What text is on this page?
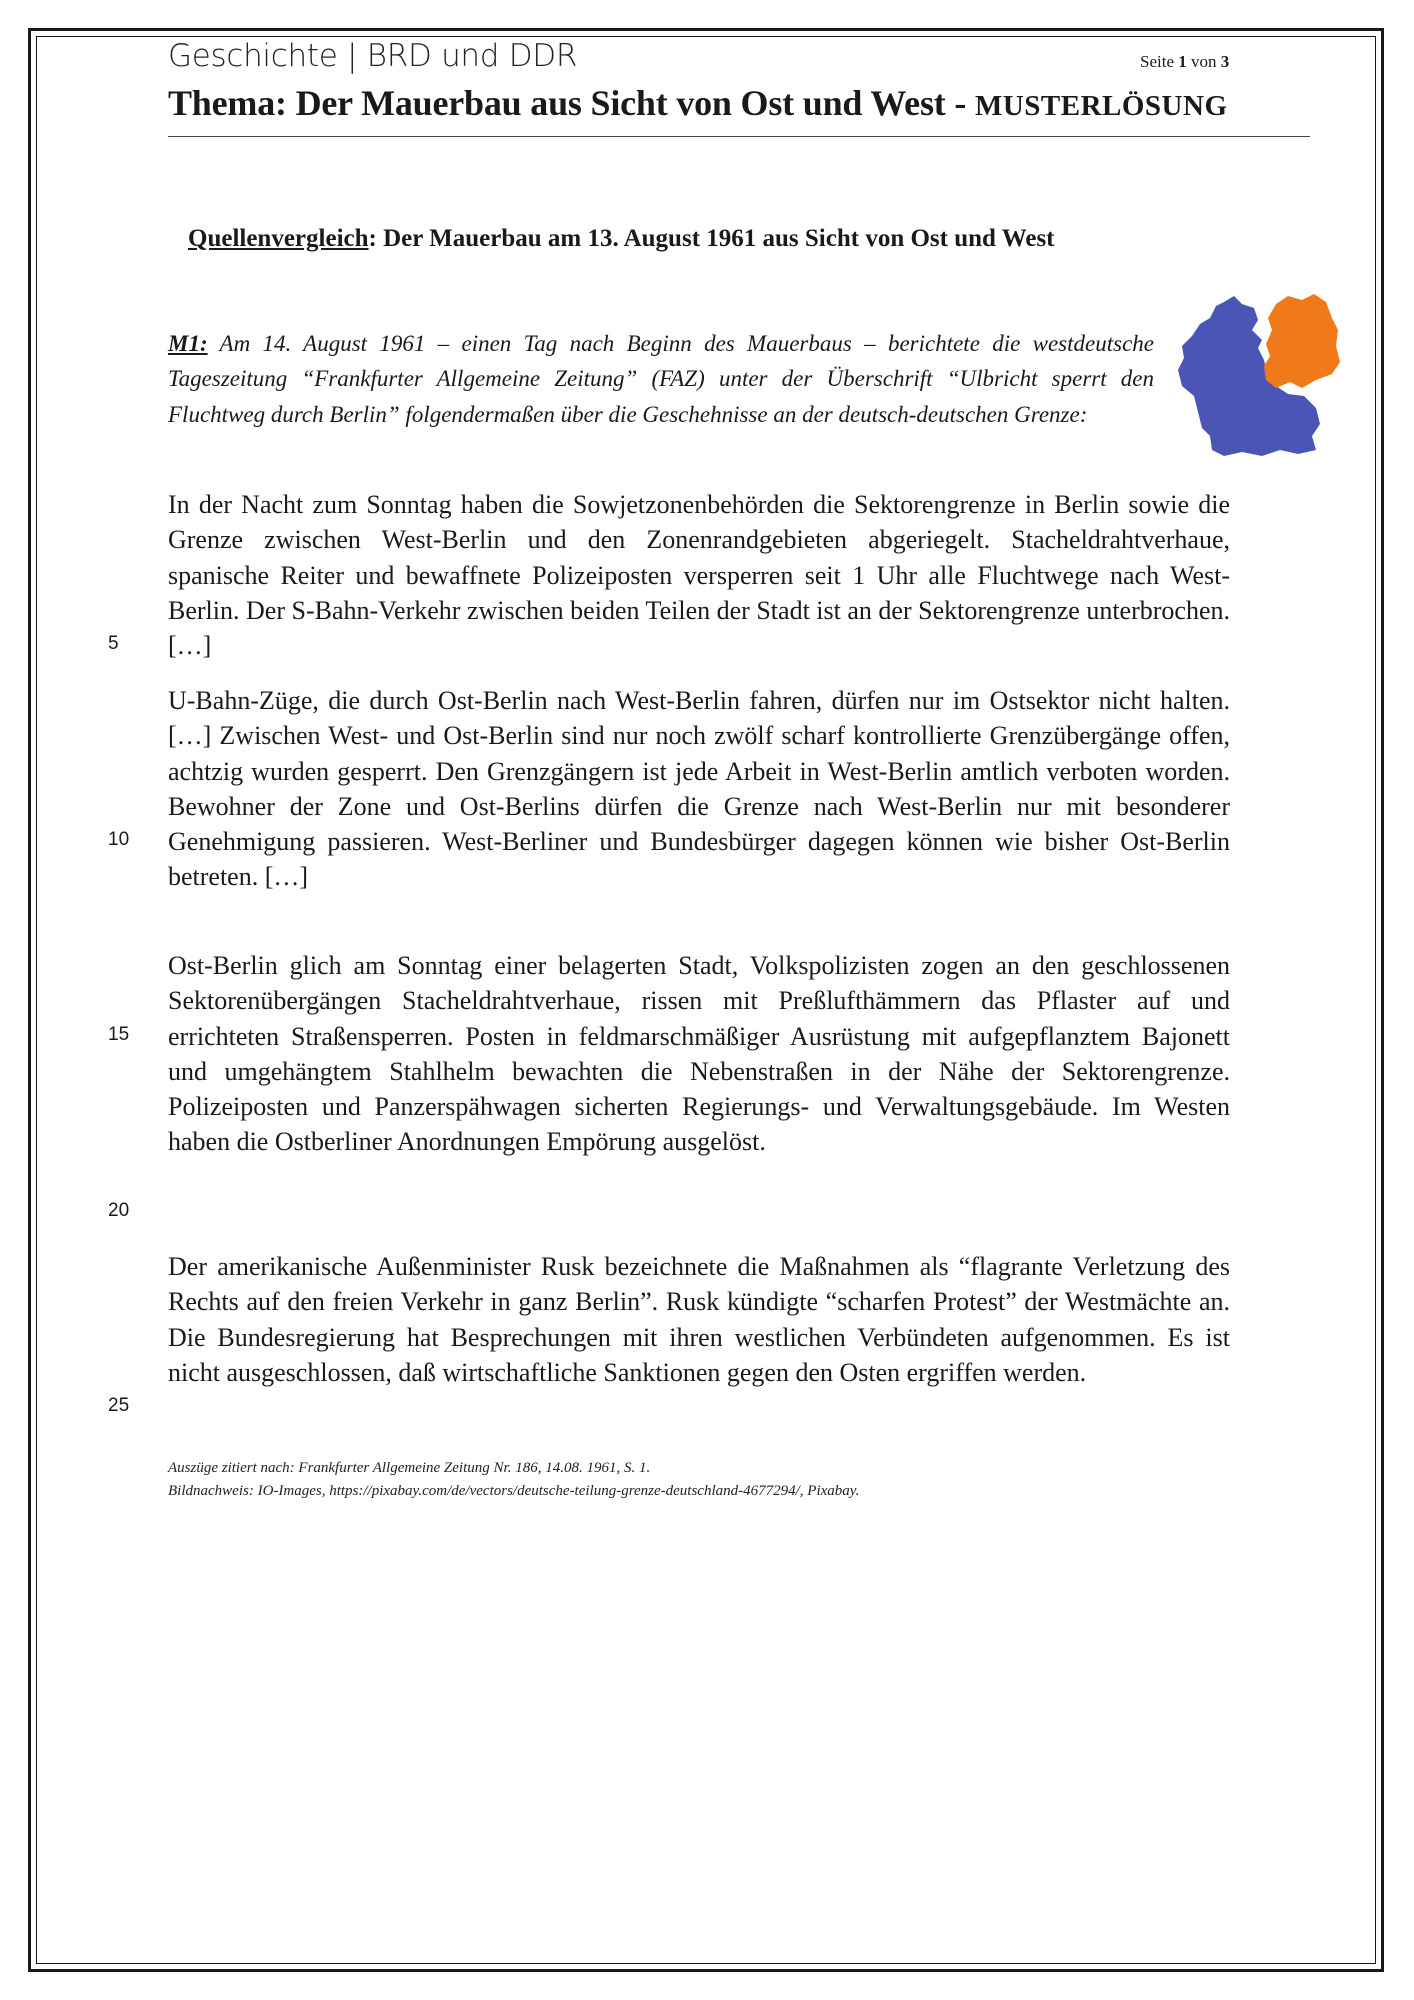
Geschichte | BRD und DDR	Seite 1 von 3
Thema: Der Mauerbau aus Sicht von Ost und West - MUSTERLÖSUNG
Quellenvergleich: Der Mauerbau am 13. August 1961 aus Sicht von Ost und West
M1: Am 14. August 1961 – einen Tag nach Beginn des Mauerbaus – berichtete die westdeutsche Tageszeitung “Frankfurter Allgemeine Zeitung” (FAZ) unter der Überschrift “Ulbricht sperrt den Fluchtweg durch Berlin” folgendermaßen über die Geschehnisse an der deutsch-deutschen Grenze:
In der Nacht zum Sonntag haben die Sowjetzonenbehörden die Sektorengrenze in Berlin sowie die Grenze zwischen West-Berlin und den Zonenrandgebieten abgeriegelt. Stacheldrahtverhaue, spanische Reiter und bewaffnete Polizeiposten versperren seit 1 Uhr alle Fluchtwege nach West-Berlin. Der S-Bahn-Verkehr zwischen beiden Teilen der Stadt ist an der Sektorengrenze unterbrochen. […]
U-Bahn-Züge, die durch Ost-Berlin nach West-Berlin fahren, dürfen nur im Ostsektor nicht halten. […] Zwischen West- und Ost-Berlin sind nur noch zwölf scharf kontrollierte Grenzübergänge offen, achtzig wurden gesperrt. Den Grenzgängern ist jede Arbeit in West-Berlin amtlich verboten worden. Bewohner der Zone und Ost-Berlins dürfen die Grenze nach West-Berlin nur mit besonderer Genehmigung passieren. West-Berliner und Bundesbürger dagegen können wie bisher Ost-Berlin betreten. […]
Ost-Berlin glich am Sonntag einer belagerten Stadt, Volkspolizisten zogen an den geschlossenen Sektorenübergängen Stacheldrahtverhaue, rissen mit Preßlufthämmern das Pflaster auf und errichteten Straßensperren. Posten in feldmarschmäßiger Ausrüstung mit aufgepflanztem Bajonett und umgehängtem Stahlhelm bewachten die Nebenstraßen in der Nähe der Sektorengrenze. Polizeiposten und Panzerspähwagen sicherten Regierungs- und Verwaltungsgebäude. Im Westen haben die Ostberliner Anordnungen Empörung ausgelöst.
Der amerikanische Außenminister Rusk bezeichnete die Maßnahmen als “flagrante Verletzung des Rechts auf den freien Verkehr in ganz Berlin”. Rusk kündigte “scharfen Protest” der Westmächte an. Die Bundesregierung hat Besprechungen mit ihren westlichen Verbündeten aufgenommen. Es ist nicht ausgeschlossen, daß wirtschaftliche Sanktionen gegen den Osten ergriffen werden.
5
10
15
20
25
Auszüge zitiert nach: Frankfurter Allgemeine Zeitung Nr. 186, 14.08. 1961, S. 1.
Bildnachweis: IO-Images, https://pixabay.com/de/vectors/deutsche-teilung-grenze-deutschland-4677294/, Pixabay.
